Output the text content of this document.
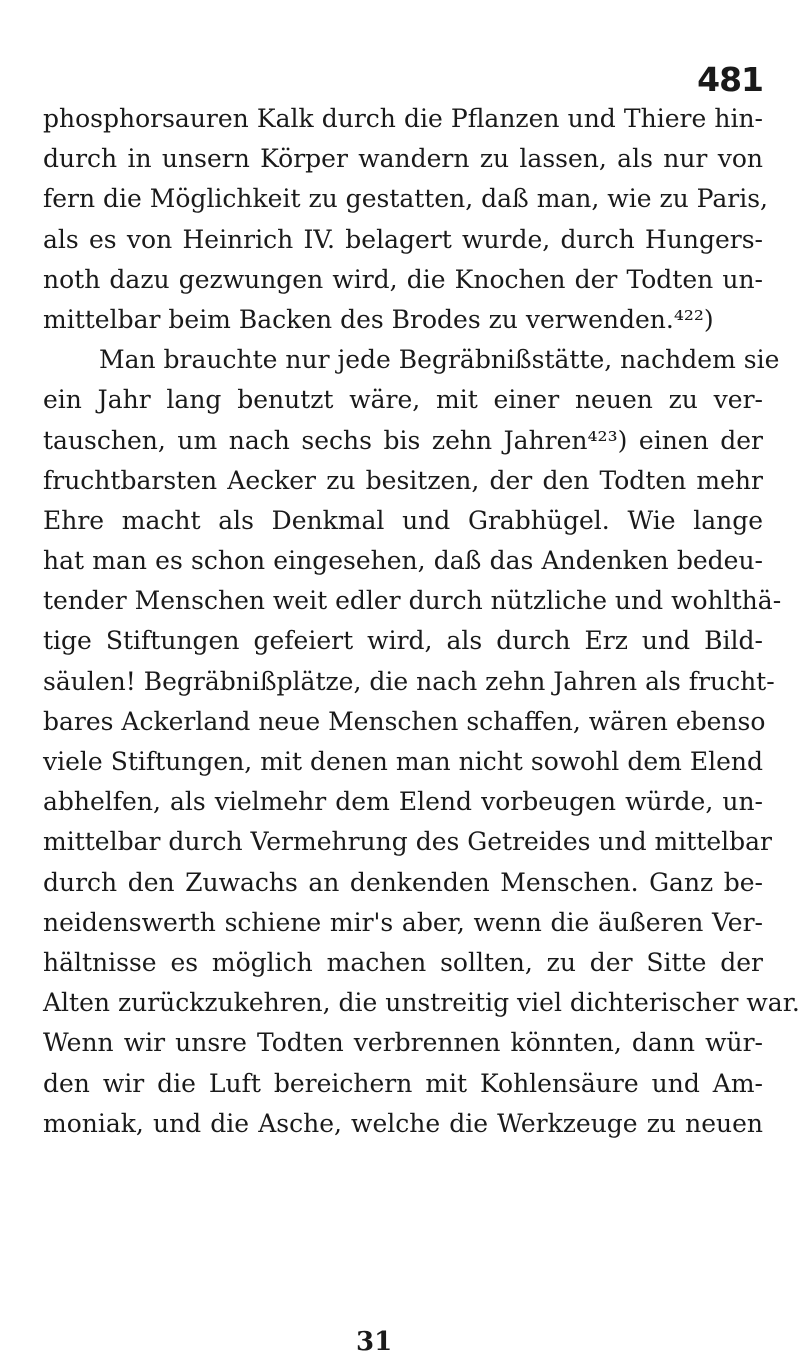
481
phosphorsauren Kalk durch die Pflanzen und Thiere hin-
durch in unsern Körper wandern zu lassen, als nur von
fern die Möglichkeit zu gestatten, daß man, wie zu Paris,
als es von Heinrich IV. belagert wurde, durch Hungers-
noth dazu gezwungen wird, die Knochen der Todten un-
mittelbar beim Backen des Brodes zu verwenden.⁴²²)
Man brauchte nur jede Begräbnißstätte, nachdem sie
ein Jahr lang benutzt wäre, mit einer neuen zu ver-
tauschen, um nach sechs bis zehn Jahren⁴²³) einen der
fruchtbarsten Aecker zu besitzen, der den Todten mehr
Ehre macht als Denkmal und Grabhügel. Wie lange
hat man es schon eingesehen, daß das Andenken bedeu-
tender Menschen weit edler durch nützliche und wohlthä-
tige Stiftungen gefeiert wird, als durch Erz und Bild-
säulen! Begräbnißplätze, die nach zehn Jahren als frucht-
bares Ackerland neue Menschen schaffen, wären ebenso
viele Stiftungen, mit denen man nicht sowohl dem Elend
abhelfen, als vielmehr dem Elend vorbeugen würde, un-
mittelbar durch Vermehrung des Getreides und mittelbar
durch den Zuwachs an denkenden Menschen. Ganz be-
neidenswerth schiene mir's aber, wenn die äußeren Ver-
hältnisse es möglich machen sollten, zu der Sitte der
Alten zurückzukehren, die unstreitig viel dichterischer war.
Wenn wir unsre Todten verbrennen könnten, dann wür-
den wir die Luft bereichern mit Kohlensäure und Am-
moniak, und die Asche, welche die Werkzeuge zu neuen
31
